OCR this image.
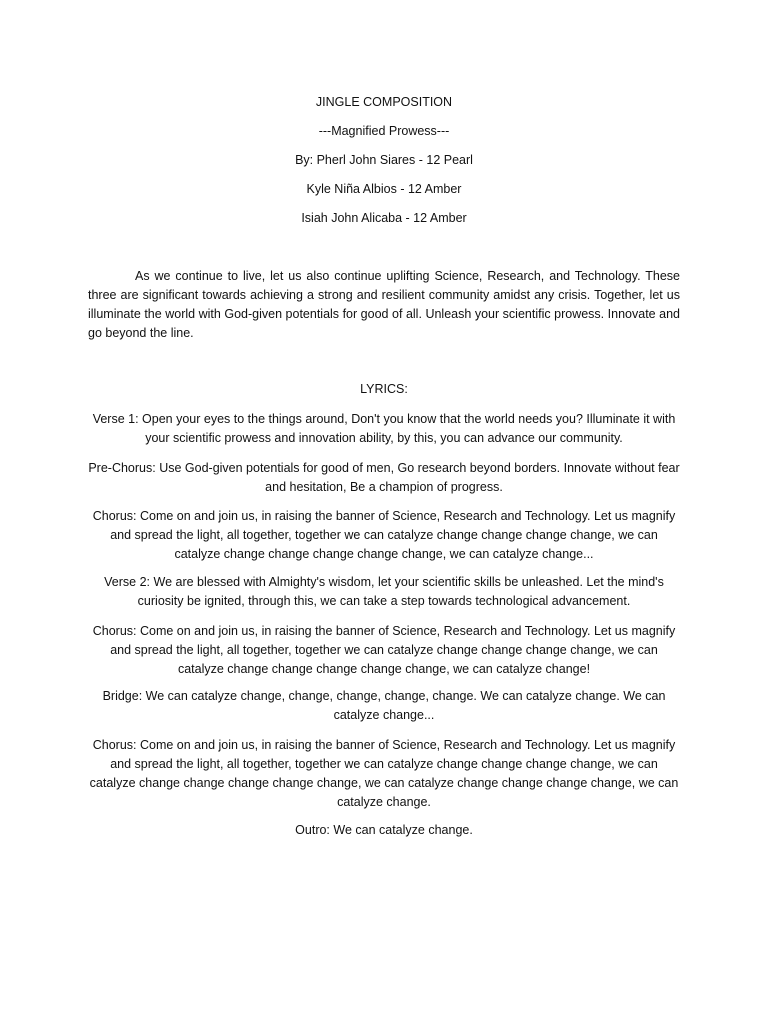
JINGLE COMPOSITION
---Magnified Prowess---
By: Pherl John Siares - 12 Pearl
Kyle Niña Albios - 12 Amber
Isiah John Alicaba - 12 Amber

As we continue to live, let us also continue uplifting Science, Research, and Technology. These three are significant towards achieving a strong and resilient community amidst any crisis. Together, let us illuminate the world with God-given potentials for good of all. Unleash your scientific prowess. Innovate and go beyond the line.

LYRICS:

Verse 1: Open your eyes to the things around, Don't you know that the world needs you? Illuminate it with your scientific prowess and innovation ability, by this, you can advance our community.

Pre-Chorus: Use God-given potentials for good of men, Go research beyond borders. Innovate without fear and hesitation, Be a champion of progress.

Chorus: Come on and join us, in raising the banner of Science, Research and Technology. Let us magnify and spread the light, all together, together we can catalyze change change change change, we can catalyze change change change change change, we can catalyze change...

Verse 2: We are blessed with Almighty's wisdom, let your scientific skills be unleashed. Let the mind's curiosity be ignited, through this, we can take a step towards technological advancement.

Chorus: Come on and join us, in raising the banner of Science, Research and Technology. Let us magnify and spread the light, all together, together we can catalyze change change change change, we can catalyze change change change change change, we can catalyze change!

Bridge: We can catalyze change, change, change, change, change. We can catalyze change. We can catalyze change...

Chorus: Come on and join us, in raising the banner of Science, Research and Technology. Let us magnify and spread the light, all together, together we can catalyze change change change change, we can catalyze change change change change change, we can catalyze change change change change, we can catalyze change.

Outro: We can catalyze change.
